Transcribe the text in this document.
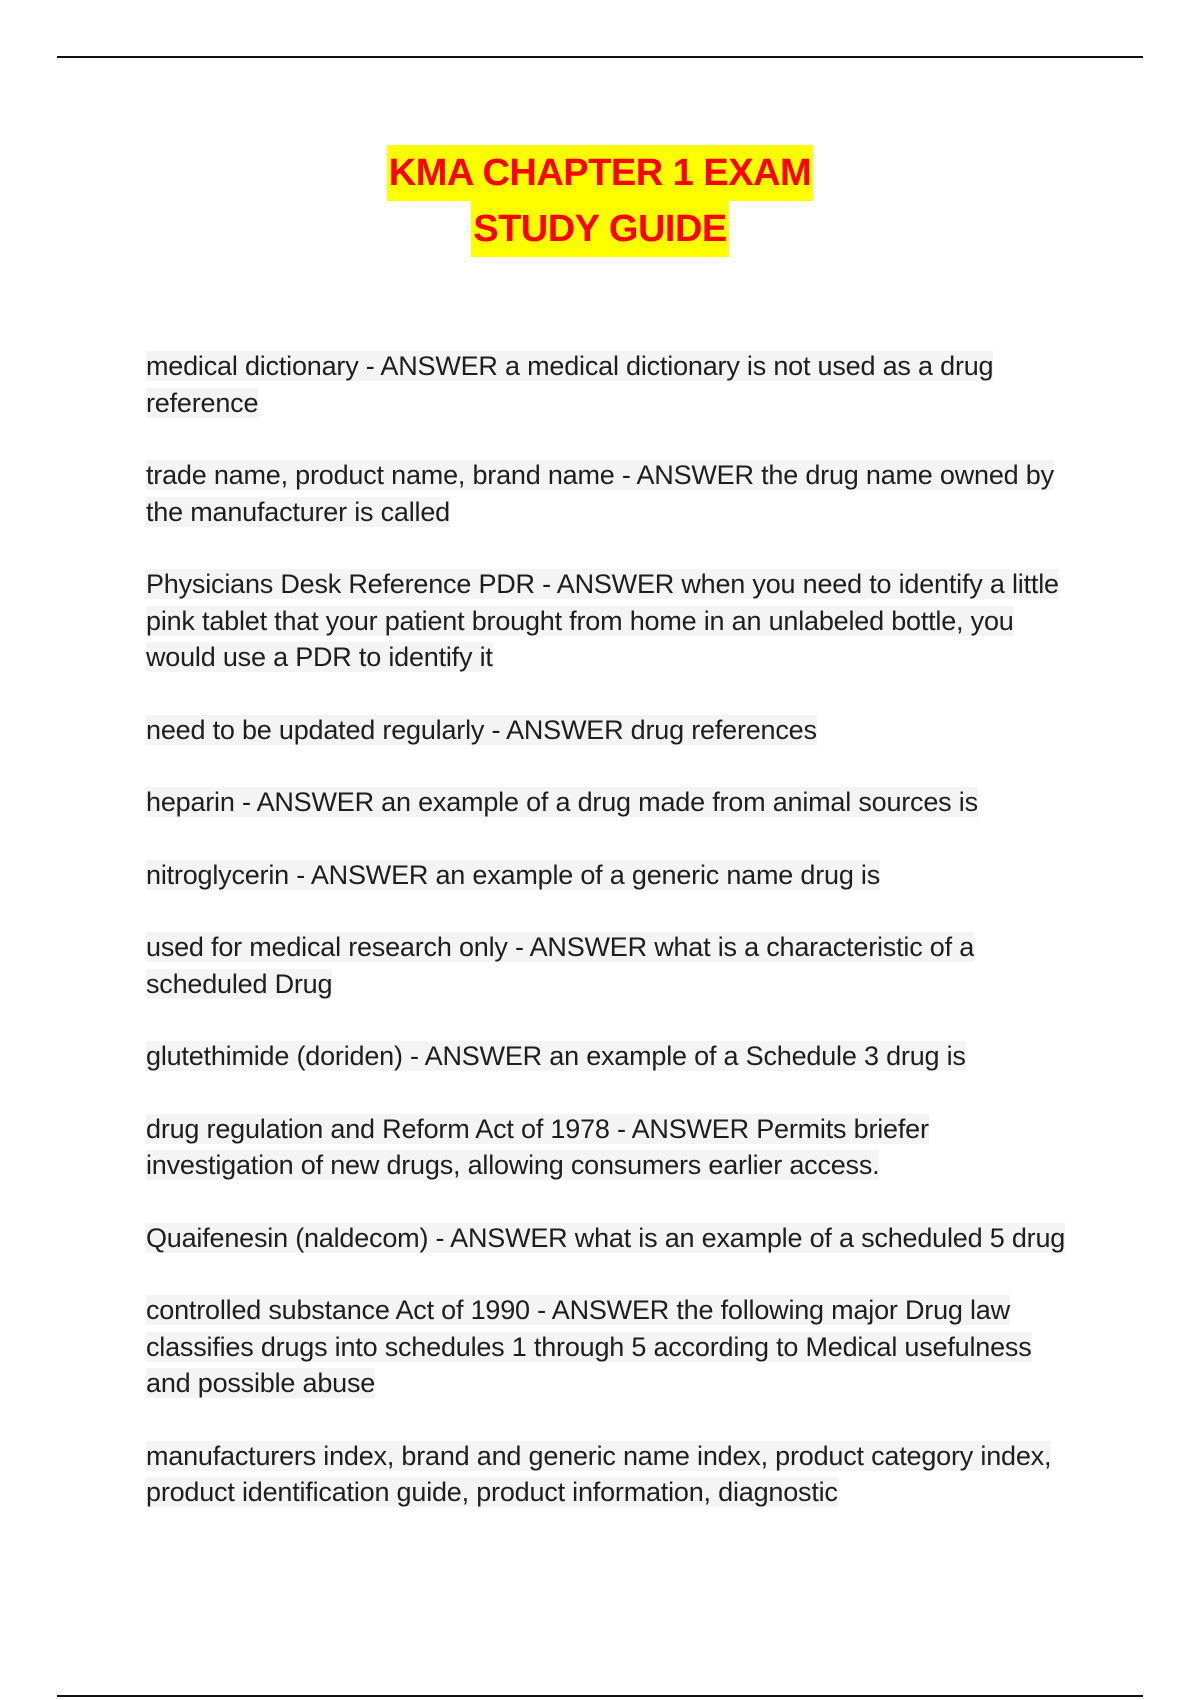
KMA CHAPTER 1 EXAM
STUDY GUIDE
medical dictionary - ANSWER a medical dictionary is not used as a drug reference
trade name, product name, brand name - ANSWER the drug name owned by the manufacturer is called
Physicians Desk Reference PDR - ANSWER when you need to identify a little pink tablet that your patient brought from home in an unlabeled bottle, you would use a PDR to identify it
need to be updated regularly - ANSWER drug references
heparin - ANSWER an example of a drug made from animal sources is
nitroglycerin - ANSWER an example of a generic name drug is
used for medical research only - ANSWER what is a characteristic of a scheduled Drug
glutethimide (doriden) - ANSWER an example of a Schedule 3 drug is
drug regulation and Reform Act of 1978 - ANSWER Permits briefer investigation of new drugs, allowing consumers earlier access.
Quaifenesin (naldecom) - ANSWER what is an example of a scheduled 5 drug
controlled substance Act of 1990 - ANSWER the following major Drug law classifies drugs into schedules 1 through 5 according to Medical usefulness and possible abuse
manufacturers index, brand and generic name index, product category index, product identification guide, product information, diagnostic
